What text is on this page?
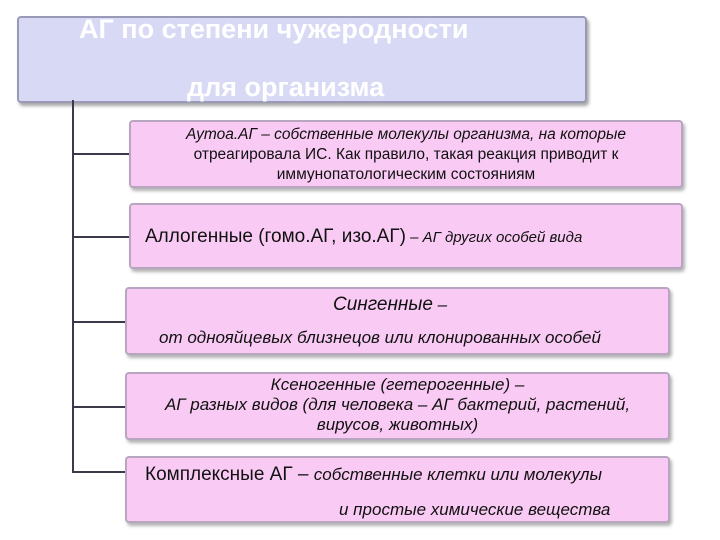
АГ по степени чужеродности
для организма
Аутоа.АГ – собственные молекулы организма, на которые
отреагировала ИС. Как правило, такая реакция приводит к
иммунопатологическим состояниям
Аллогенные (гомо.АГ, изо.АГ) – АГ других особей вида
Сингенные –
от однояйцевых близнецов или клонированных особей
Ксеногенные (гетерогенные) –
АГ разных видов (для человека – АГ бактерий, растений,
вирусов, животных)
Комплексные АГ – собственные клетки или молекулы
и простые химические вещества
